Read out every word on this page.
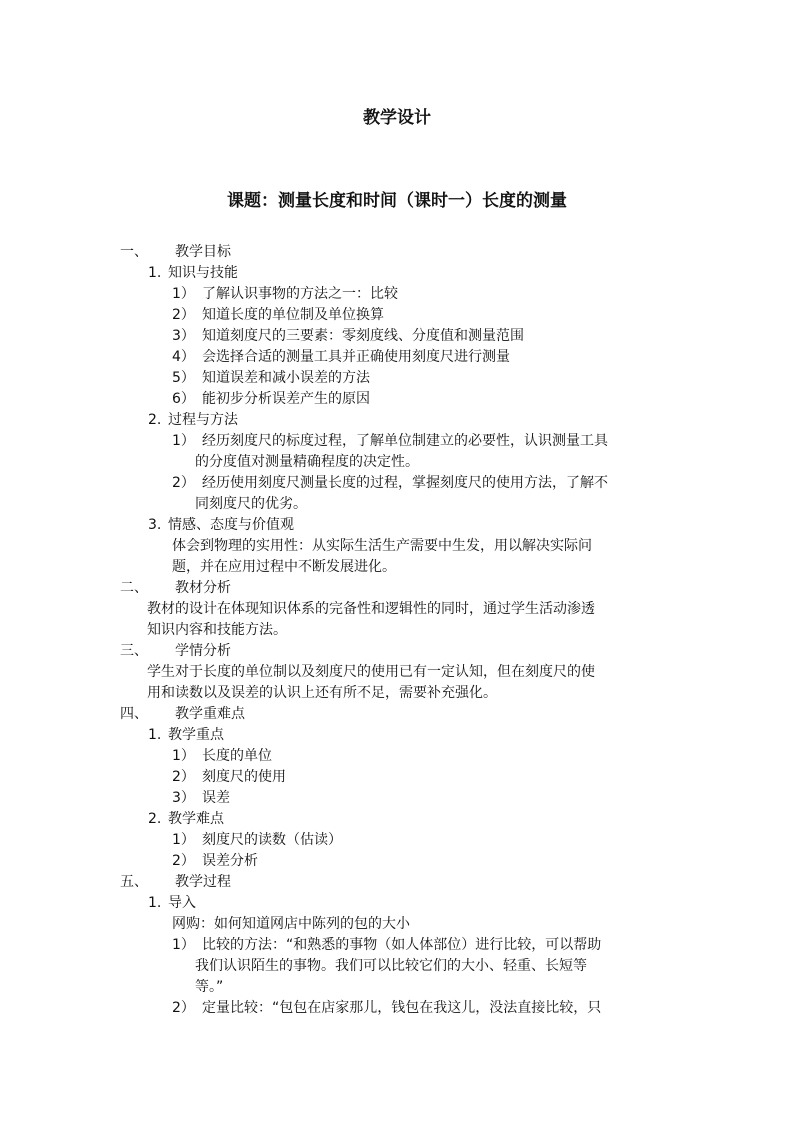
教学设计
课题：测量长度和时间（课时一）长度的测量
一、 教学目标
1. 知识与技能
1） 了解认识事物的方法之一：比较
2） 知道长度的单位制及单位换算
3） 知道刻度尺的三要素：零刻度线、分度值和测量范围
4） 会选择合适的测量工具并正确使用刻度尺进行测量
5） 知道误差和减小误差的方法
6） 能初步分析误差产生的原因
2. 过程与方法
1） 经历刻度尺的标度过程，了解单位制建立的必要性，认识测量工具
的分度值对测量精确程度的决定性。
2） 经历使用刻度尺测量长度的过程，掌握刻度尺的使用方法，了解不
同刻度尺的优劣。
3. 情感、态度与价值观
体会到物理的实用性：从实际生活生产需要中生发，用以解决实际问
题，并在应用过程中不断发展进化。
二、 教材分析
教材的设计在体现知识体系的完备性和逻辑性的同时，通过学生活动渗透
知识内容和技能方法。
三、 学情分析
学生对于长度的单位制以及刻度尺的使用已有一定认知，但在刻度尺的使
用和读数以及误差的认识上还有所不足，需要补充强化。
四、 教学重难点
1. 教学重点
1） 长度的单位
2） 刻度尺的使用
3） 误差
2. 教学难点
1） 刻度尺的读数（估读）
2） 误差分析
五、 教学过程
1. 导入
网购：如何知道网店中陈列的包的大小
1） 比较的方法：“和熟悉的事物（如人体部位）进行比较，可以帮助
我们认识陌生的事物。我们可以比较它们的大小、轻重、长短等
等。”
2） 定量比较：“包包在店家那儿，钱包在我这儿，没法直接比较，只
